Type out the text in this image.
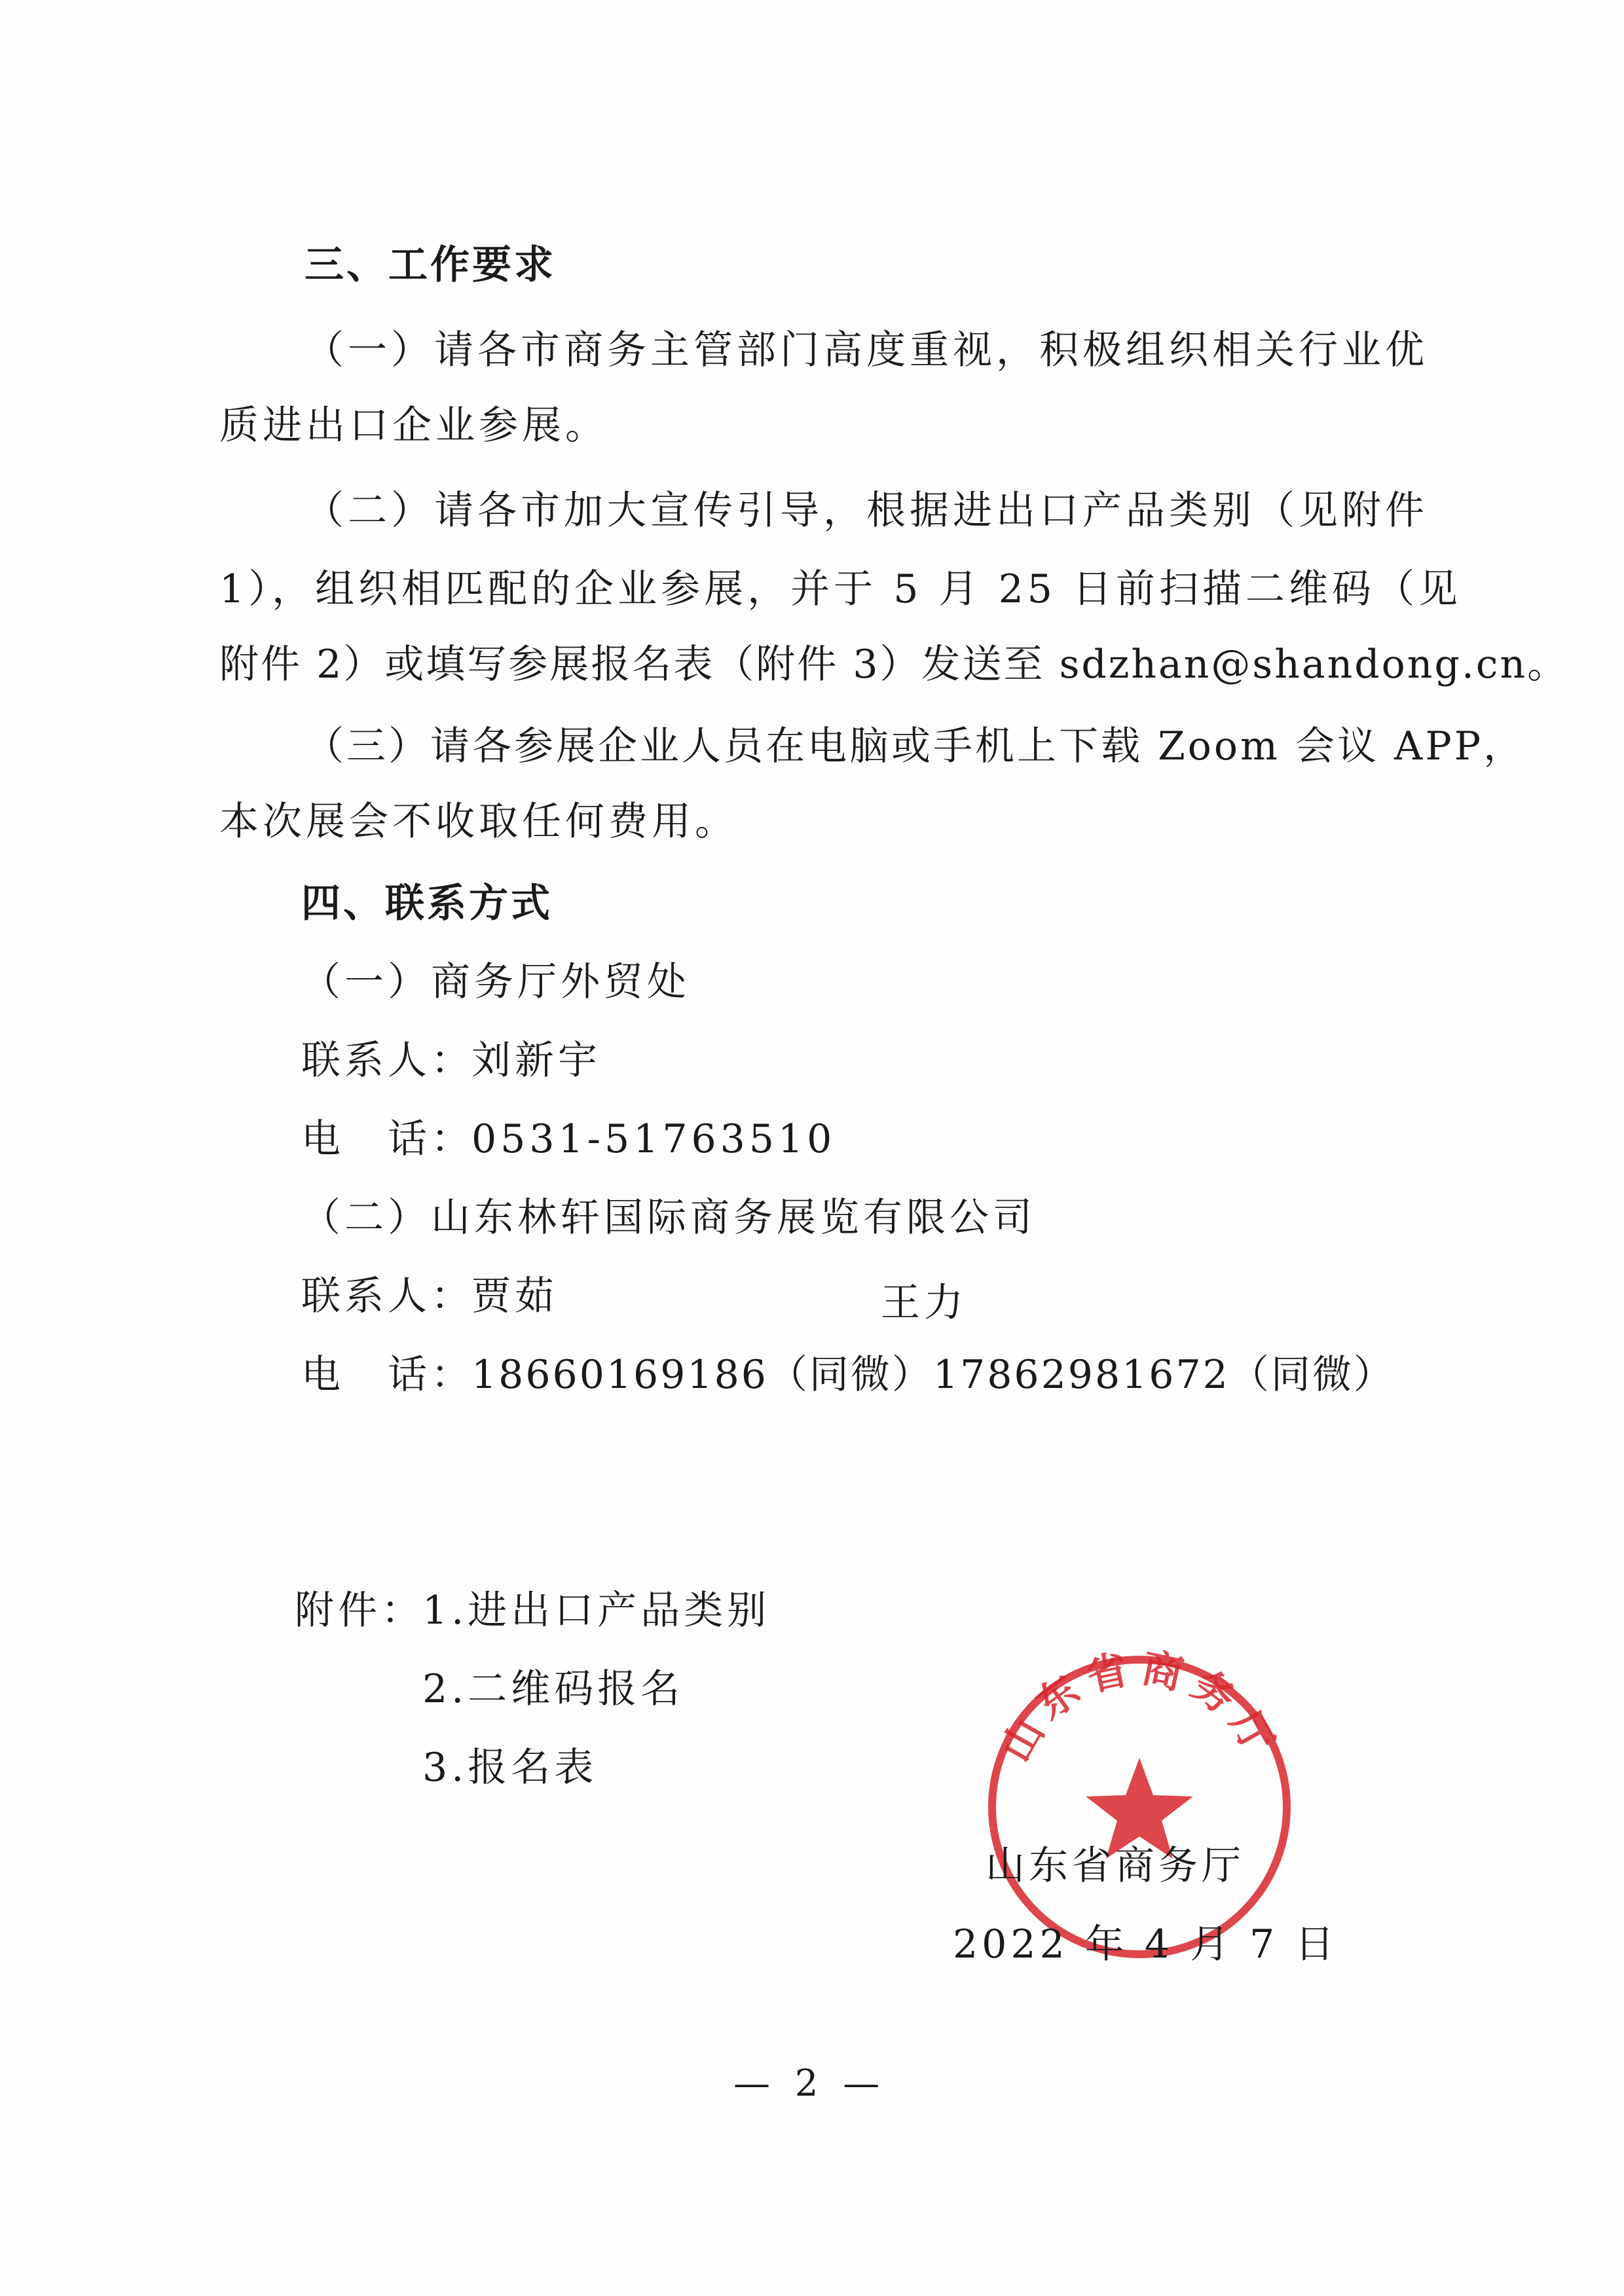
三、工作要求
（一）请各市商务主管部门高度重视，积极组织相关行业优
质进出口企业参展。
（二）请各市加大宣传引导，根据进出口产品类别（见附件
1），组织相匹配的企业参展，并于 5 月 25 日前扫描二维码（见
附件 2）或填写参展报名表（附件 3）发送至 sdzhan@shandong.cn。
（三）请各参展企业人员在电脑或手机上下载 Zoom 会议 APP，
本次展会不收取任何费用。
四、联系方式
（一）商务厅外贸处
联系人：
刘新宇
电　话：
0531-51763510
（二）山东林轩国际商务展览有限公司
联系人：
贾茹	王力
电　话：
18660169186（同微）17862981672（同微）
附件：
1.进出口产品类别
2.二维码报名
3.报名表	山东省商务厅
山东省商务厅
2022 年 4 月 7 日
— 2 —
